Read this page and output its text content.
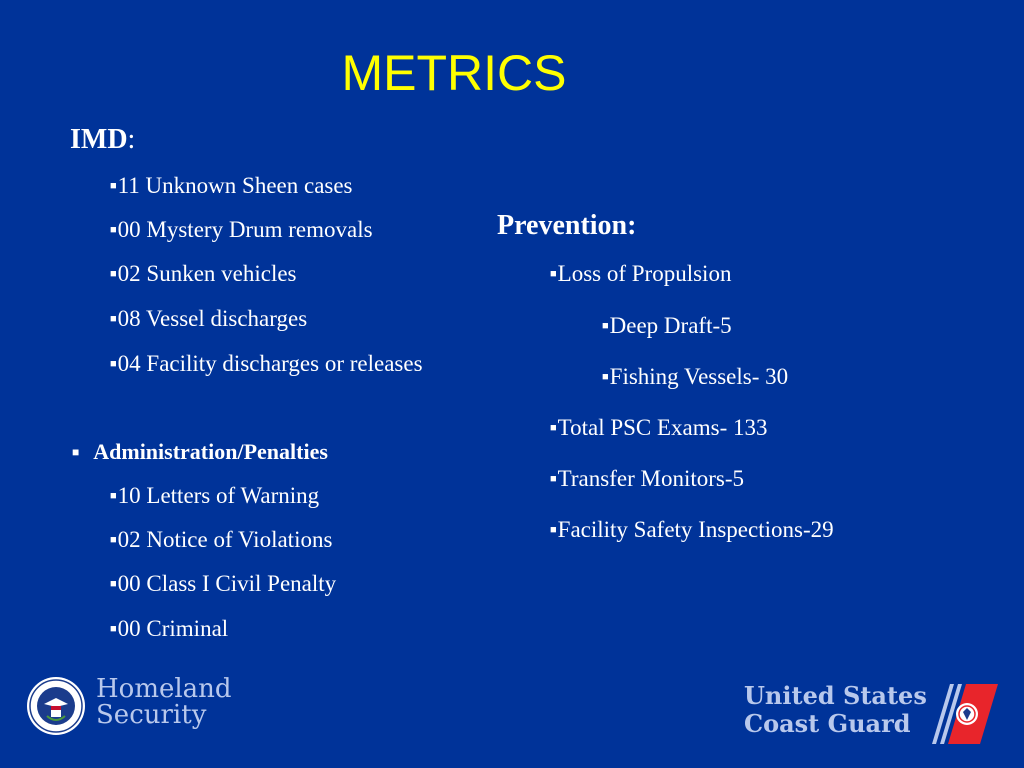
METRICS
IMD:
■11 Unknown Sheen cases
■00 Mystery Drum removals
■02 Sunken vehicles
■08 Vessel discharges
■04 Facility discharges or releases
■ Administration/Penalties
■10 Letters of Warning
■02 Notice of Violations
■00 Class I Civil Penalty
■00 Criminal
Prevention:
■Loss of Propulsion
■Deep Draft-5
■Fishing Vessels- 30
■Total PSC Exams- 133
■Transfer Monitors-5
■Facility Safety Inspections-29
Homeland
Security
United States
Coast Guard
